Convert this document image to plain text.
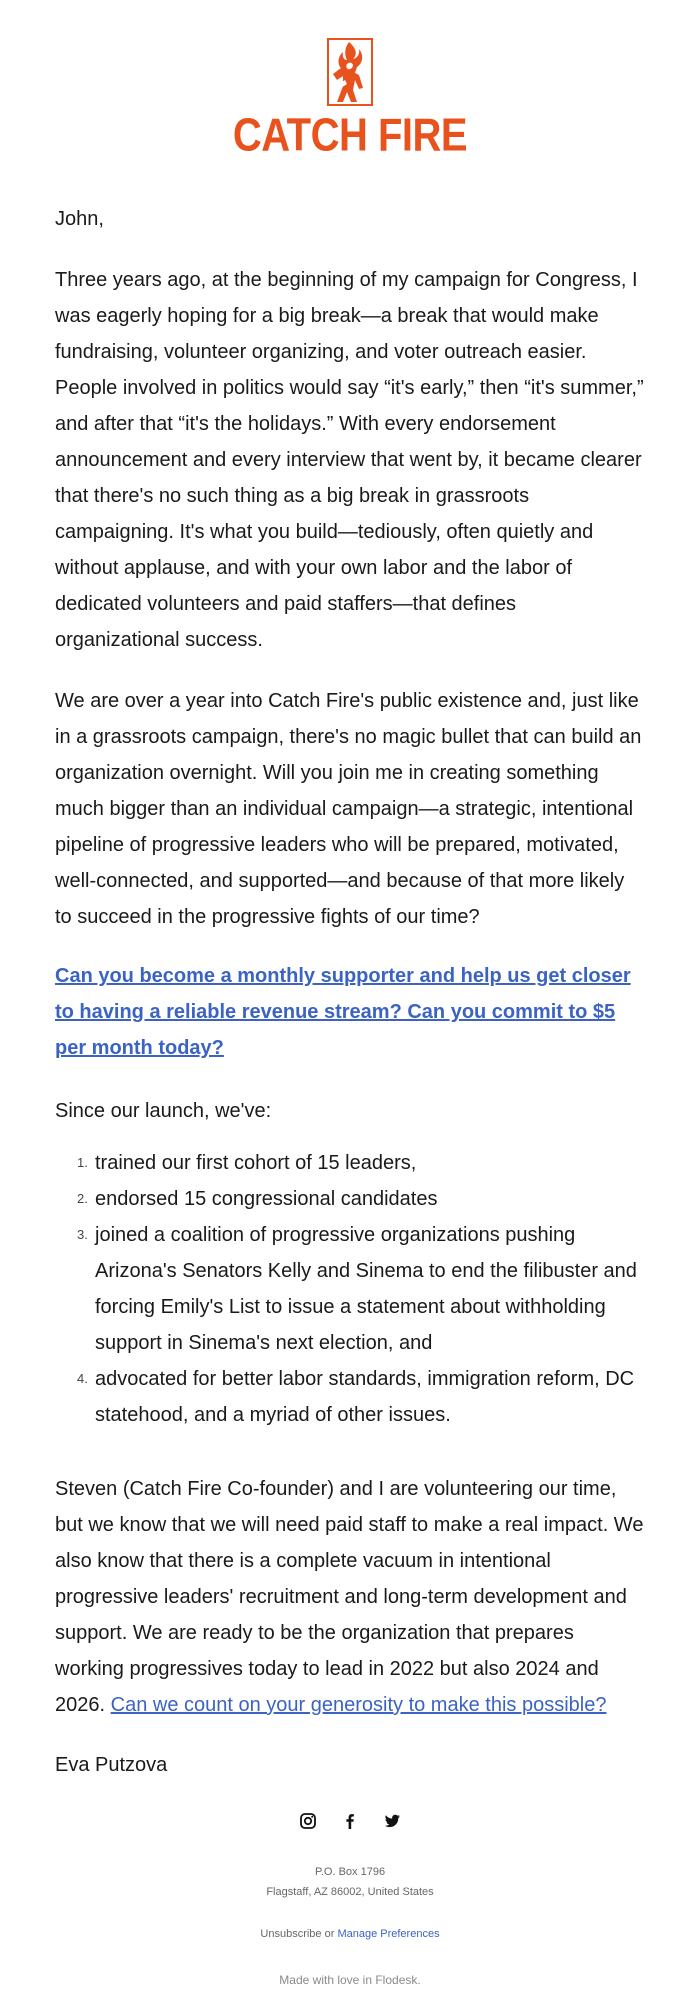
CATCH FIRE
John,
Three years ago, at the beginning of my campaign for Congress, I was eagerly hoping for a big break—a break that would make fundraising, volunteer organizing, and voter outreach easier. People involved in politics would say “it's early,” then “it's summer,” and after that “it's the holidays.” With every endorsement announcement and every interview that went by, it became clearer that there's no such thing as a big break in grassroots campaigning. It's what you build—tediously, often quietly and without applause, and with your own labor and the labor of dedicated volunteers and paid staffers—that defines organizational success.
We are over a year into Catch Fire's public existence and, just like in a grassroots campaign, there's no magic bullet that can build an organization overnight. Will you join me in creating something much bigger than an individual campaign—a strategic, intentional pipeline of progressive leaders who will be prepared, motivated, well-connected, and supported—and because of that more likely to succeed in the progressive fights of our time?
Can you become a monthly supporter and help us get closer to having a reliable revenue stream? Can you commit to $5 per month today?
Since our launch, we've:
1. trained our first cohort of 15 leaders,
2. endorsed 15 congressional candidates
3. joined a coalition of progressive organizations pushing Arizona's Senators Kelly and Sinema to end the filibuster and forcing Emily's List to issue a statement about withholding support in Sinema's next election, and
4. advocated for better labor standards, immigration reform, DC statehood, and a myriad of other issues.
Steven (Catch Fire Co-founder) and I are volunteering our time, but we know that we will need paid staff to make a real impact. We also know that there is a complete vacuum in intentional progressive leaders' recruitment and long-term development and support. We are ready to be the organization that prepares working progressives today to lead in 2022 but also 2024 and 2026. Can we count on your generosity to make this possible?
Eva Putzova
P.O. Box 1796
Flagstaff, AZ 86002, United States
Unsubscribe or Manage Preferences
Made with love in Flodesk.
